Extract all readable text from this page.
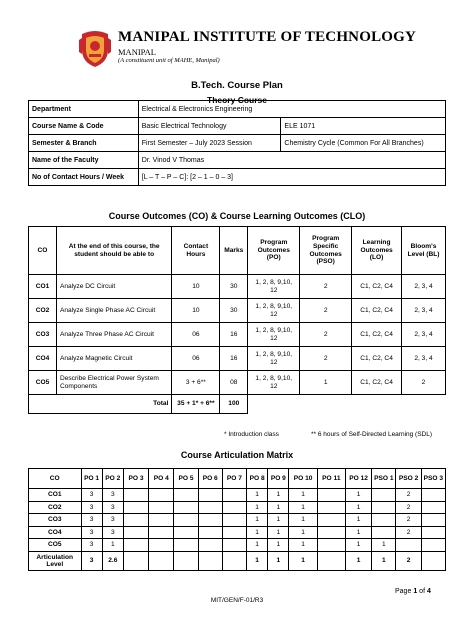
MANIPAL INSTITUTE OF TECHNOLOGY
MANIPAL
(A constituent unit of MAHE, Manipal)
B.Tech. Course Plan
Theory Course
Department	Electrical & Electronics Engineering	
Course Name & Code	Basic Electrical Technology	ELE 1071
Semester & Branch	First Semester – July 2023 Session	Chemistry Cycle (Common For All Branches)
Name of the Faculty	Dr. Vinod V Thomas	
No of Contact Hours / Week	[L – T – P – C]: [2 – 1 – 0 – 3]	
Course Outcomes (CO) & Course Learning Outcomes (CLO)
CO	At the end of this course, the student should be able to	Contact Hours	Marks	Program Outcomes (PO)	Program Specific Outcomes (PSO)	Learning Outcomes (LO)	Bloom's Level (BL)
CO1	Analyze DC Circuit	10	30	1, 2, 8, 9,10, 12	2	C1, C2, C4	2, 3, 4
CO2	Analyze Single Phase AC Circuit	10	30	1, 2, 8, 9,10, 12	2	C1, C2, C4	2, 3, 4
CO3	Analyze Three Phase AC Circuit	06	16	1, 2, 8, 9,10, 12	2	C1, C2, C4	2, 3, 4
CO4	Analyze Magnetic Circuit	06	16	1, 2, 8, 9,10, 12	2	C1, C2, C4	2, 3, 4
CO5	Describe Electrical Power System Components	3 + 6**	08	1, 2, 8, 9,10, 12	1	C1, C2, C4	2
	Total	35 + 1* + 6**	100				
* Introduction class	** 6 hours of Self-Directed Learning (SDL)
Course Articulation Matrix
CO	PO 1	PO 2	PO 3	PO 4	PO 5	PO 6	PO 7	PO 8	PO 9	PO 10	PO 11	PO 12	PSO 1	PSO 2	PSO 3
CO1	3	3						1	1	1		1		2	
CO2	3	3						1	1	1		1		2	
CO3	3	3						1	1	1		1		2	
CO4	3	3						1	1	1		1		2	
CO5	3	1						1	1	1		1	1		
Articulation Level	3	2.6						1	1	1		1	1	2	
Page 1 of 4
MIT/GEN/F-01/R3
